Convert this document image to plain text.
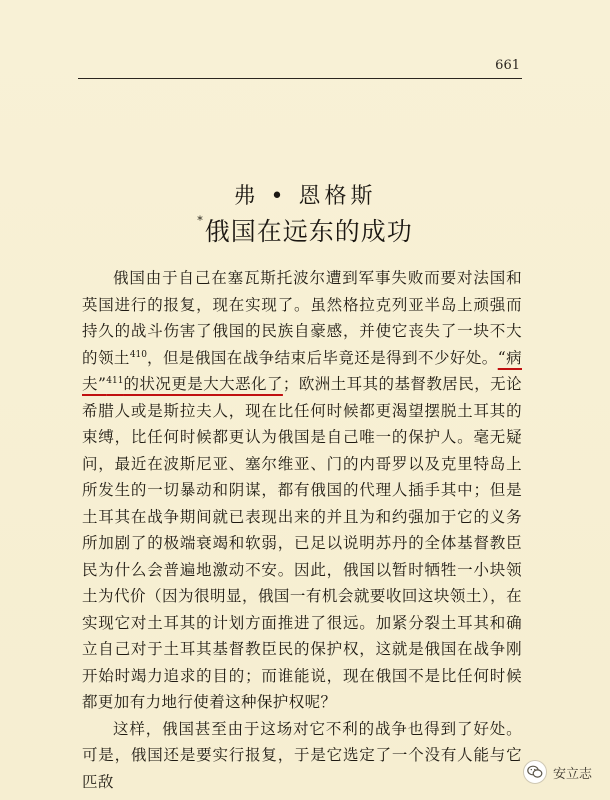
661
弗 • 恩格斯
*俄国在远东的成功

俄国由于自己在塞瓦斯托波尔遭到军事失败而要对法国和英国进行的报复，现在实现了。虽然格拉克列亚半岛上顽强而持久的战斗伤害了俄国的民族自豪感，并使它丧失了一块不大的领土$^{410}$，但是俄国在战争结束后毕竟还是得到不少好处。“病夫”$^{411}$的状况更是大大恶化了；欧洲土耳其的基督教居民，无论希腊人或是斯拉夫人，现在比任何时候都更渴望摆脱土耳其的束缚，比任何时候都更认为俄国是自己唯一的保护人。毫无疑问，最近在波斯尼亚、塞尔维亚、门的内哥罗以及克里特岛上所发生的一切暴动和阴谋，都有俄国的代理人插手其中；但是土耳其在战争期间就已表现出来的并且为和约强加于它的义务所加剧了的极端衰竭和软弱，已足以说明苏丹的全体基督教臣民为什么会普遍地激动不安。因此，俄国以暂时牺牲一小块领土为代价（因为很明显，俄国一有机会就要收回这块领土），在实现它对土耳其的计划方面推进了很远。加紧分裂土耳其和确立自己对于土耳其基督教臣民的保护权，这就是俄国在战争刚开始时竭力追求的目的；而谁能说，现在俄国不是比任何时候都更加有力地行使着这种保护权呢？

这样，俄国甚至由于这场对它不利的战争也得到了好处。可是，俄国还是要实行报复，于是它选定了一个没有人能与它匹敌	安立志
